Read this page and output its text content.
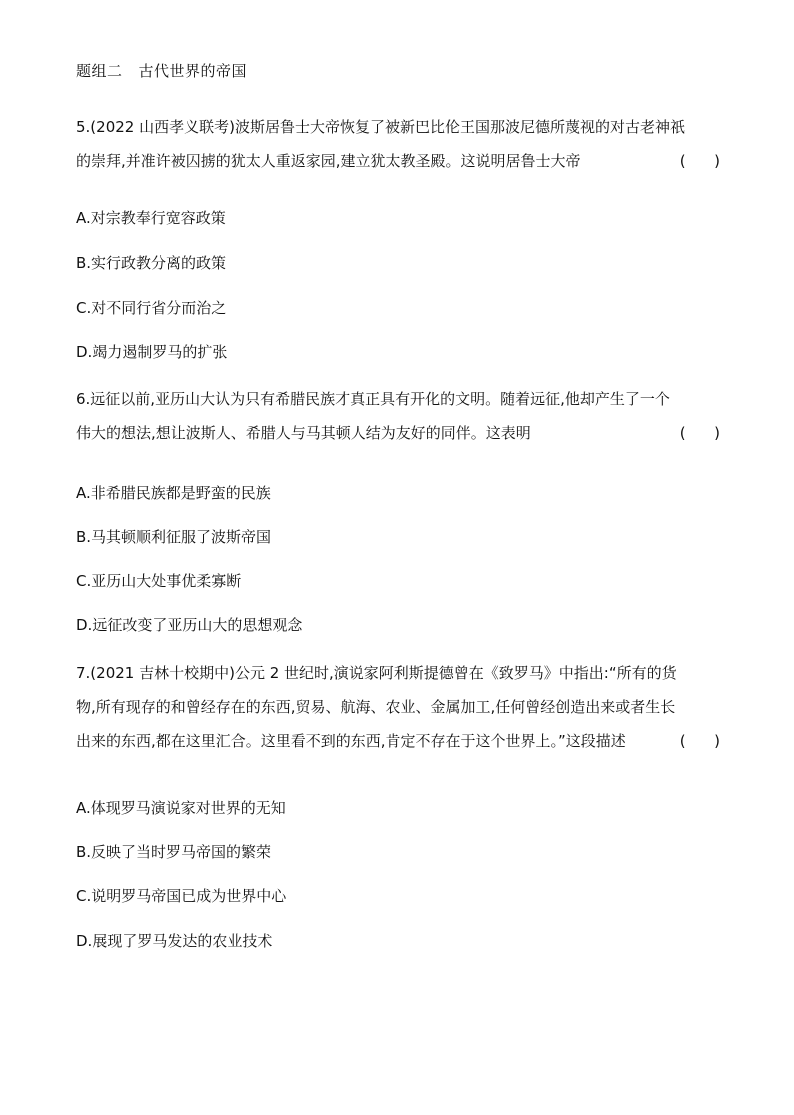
题组二 古代世界的帝国
5.(2022 山西孝义联考)波斯居鲁士大帝恢复了被新巴比伦王国那波尼德所蔑视的对古老神祇
的崇拜,并准许被囚掳的犹太人重返家园,建立犹太教圣殿。这说明居鲁士大帝	(      )
A.对宗教奉行宽容政策
B.实行政教分离的政策
C.对不同行省分而治之
D.竭力遏制罗马的扩张
6.远征以前,亚历山大认为只有希腊民族才真正具有开化的文明。随着远征,他却产生了一个
伟大的想法,想让波斯人、希腊人与马其顿人结为友好的同伴。这表明	(      )
A.非希腊民族都是野蛮的民族
B.马其顿顺利征服了波斯帝国
C.亚历山大处事优柔寡断
D.远征改变了亚历山大的思想观念
7.(2021 吉林十校期中)公元 2 世纪时,演说家阿利斯提德曾在《致罗马》中指出:“所有的货
物,所有现存的和曾经存在的东西,贸易、航海、农业、金属加工,任何曾经创造出来或者生长
出来的东西,都在这里汇合。这里看不到的东西,肯定不存在于这个世界上。”这段描述	(      )
A.体现罗马演说家对世界的无知
B.反映了当时罗马帝国的繁荣
C.说明罗马帝国已成为世界中心
D.展现了罗马发达的农业技术
